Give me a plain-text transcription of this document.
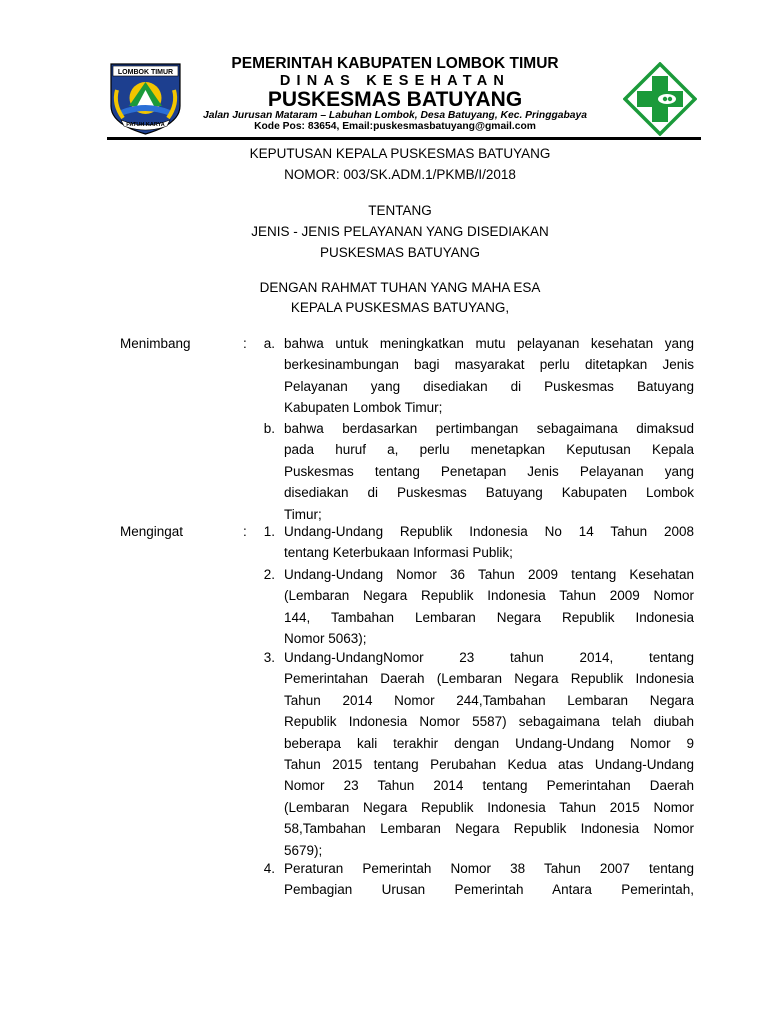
LOMBOK TIMUR
PATUH KARYA

PEMERINTAH KABUPATEN LOMBOK TIMUR

DINAS KESEHATAN

PUSKESMAS BATUYANG

Jalan Jurusan Mataram – Labuhan Lombok, Desa Batuyang, Kec. Pringgabaya

Kode Pos: 83654, Email:puskesmasbatuyang@gmail.com

KEPUTUSAN KEPALA PUSKESMAS BATUYANG

NOMOR: 003/SK.ADM.1/PKMB/I/2018

TENTANG

JENIS - JENIS PELAYANAN YANG DISEDIAKAN

PUSKESMAS BATUYANG

DENGAN RAHMAT TUHAN YANG MAHA ESA

KEPALA PUSKESMAS BATUYANG,

Menimbang	:	a. bahwa untuk meningkatkan mutu pelayanan kesehatan yang
berkesinambungan bagi masyarakat perlu ditetapkan Jenis
Pelayanan yang disediakan di Puskesmas Batuyang
Kabupaten Lombok Timur;

b. bahwa berdasarkan pertimbangan sebagaimana dimaksud
pada huruf a, perlu menetapkan Keputusan Kepala
Puskesmas tentang Penetapan Jenis Pelayanan yang
disediakan di Puskesmas Batuyang Kabupaten Lombok
Timur;

Mengingat	:	1. Undang-Undang Republik Indonesia No 14 Tahun 2008
tentang Keterbukaan Informasi Publik;

2. Undang-Undang Nomor 36 Tahun 2009 tentang Kesehatan
(Lembaran Negara Republik Indonesia Tahun 2009 Nomor
144, Tambahan Lembaran Negara Republik Indonesia
Nomor 5063);

3. Undang-UndangNomor 23 tahun 2014, tentang
Pemerintahan Daerah (Lembaran Negara Republik Indonesia
Tahun 2014 Nomor 244,Tambahan Lembaran Negara
Republik Indonesia Nomor 5587) sebagaimana telah diubah
beberapa kali terakhir dengan Undang-Undang Nomor 9
Tahun 2015 tentang Perubahan Kedua atas Undang-Undang
Nomor 23 Tahun 2014 tentang Pemerintahan Daerah
(Lembaran Negara Republik Indonesia Tahun 2015 Nomor
58,Tambahan Lembaran Negara Republik Indonesia Nomor
5679);

4. Peraturan Pemerintah Nomor 38 Tahun 2007 tentang
Pembagian Urusan Pemerintah Antara Pemerintah,
